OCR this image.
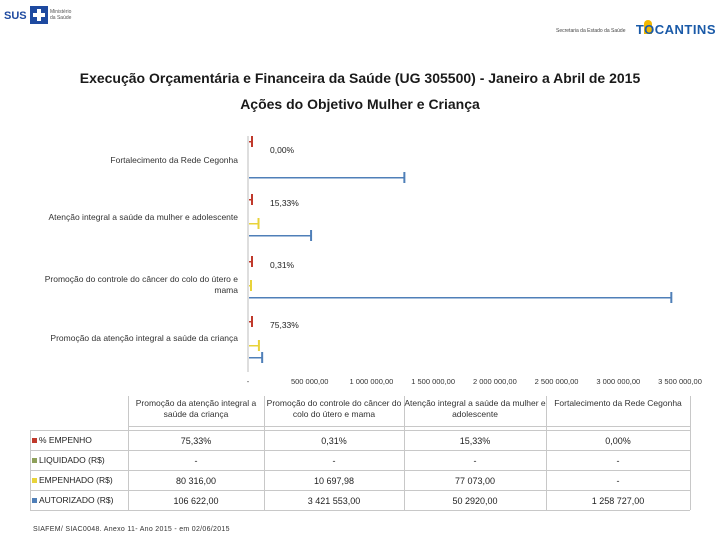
SUS	Ministério da Saúde
Secretaria da Estado da Saúde TOCANTINS
Execução Orçamentária e Financeira da Saúde (UG 305500) - Janeiro a Abril de 2015
Ações do Objetivo Mulher e Criança
Fortalecimento da Rede Cegonha
Atenção integral a saúde da mulher e adolescente
Promoção do controle do câncer do colo do útero e mama
Promoção da atenção integral a saúde da criança
-	500 000,00	1 000 000,00 1 500 000,00 2 000 000,00 2 500 000,00 3 000 000,00 3 500 000,00
0,00%
15,33%
0,31%
75,33%
Promoção da atenção integral a saúde da criança
Promoção do controle do câncer do colo do útero e mama
Atenção integral a saúde da mulher e adolescente
Fortalecimento da Rede Cegonha
% EMPENHO	75,33%	0,31%	15,33%	0,00%
LIQUIDADO (R$)	-	-	-	-
EMPENHADO (R$)	80 316,00	10 697,98	77 073,00	-
AUTORIZADO (R$)	106 622,00	3 421 553,00	50 2920,00	1 258 727,00
SIAFEM/ SIAC0048. Anexo 11- Ano 2015 - em 02/06/2015
